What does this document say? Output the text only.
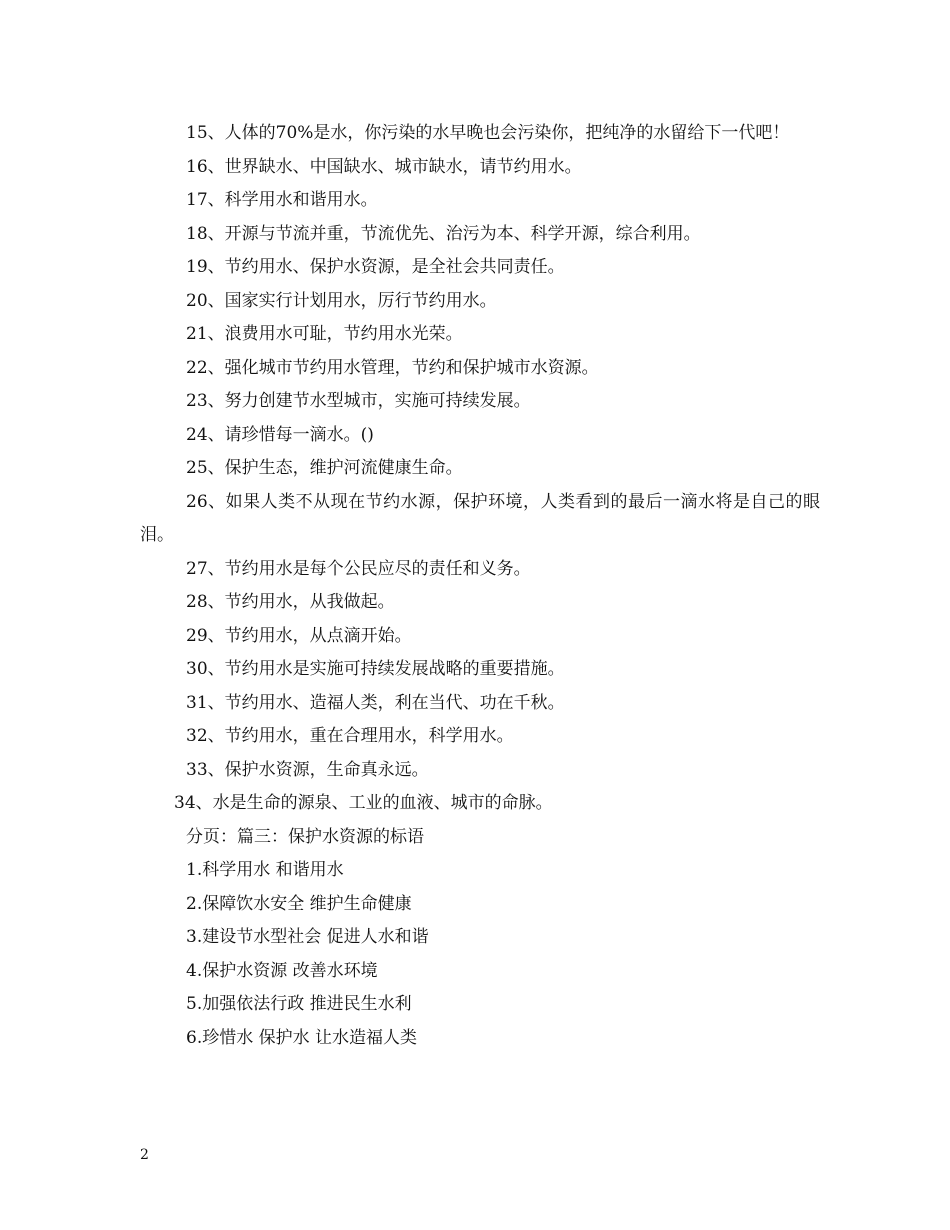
15、人体的70%是水，你污染的水早晚也会污染你，把纯净的水留给下一代吧！

16、世界缺水、中国缺水、城市缺水，请节约用水。

17、科学用水和谐用水。

18、开源与节流并重，节流优先、治污为本、科学开源，综合利用。

19、节约用水、保护水资源，是全社会共同责任。

20、国家实行计划用水，厉行节约用水。

21、浪费用水可耻，节约用水光荣。

22、强化城市节约用水管理，节约和保护城市水资源。

23、努力创建节水型城市，实施可持续发展。

24、请珍惜每一滴水。()

25、保护生态，维护河流健康生命。

26、如果人类不从现在节约水源，保护环境，人类看到的最后一滴水将是自己的眼泪。

27、节约用水是每个公民应尽的责任和义务。

28、节约用水，从我做起。

29、节约用水，从点滴开始。

30、节约用水是实施可持续发展战略的重要措施。

31、节约用水、造福人类，利在当代、功在千秋。

32、节约用水，重在合理用水，科学用水。

33、保护水资源，生命真永远。

34、水是生命的源泉、工业的血液、城市的命脉。

分页：篇三：保护水资源的标语

1.科学用水 和谐用水

2.保障饮水安全 维护生命健康

3.建设节水型社会 促进人水和谐

4.保护水资源 改善水环境

5.加强依法行政 推进民生水利

6.珍惜水 保护水 让水造福人类

2
